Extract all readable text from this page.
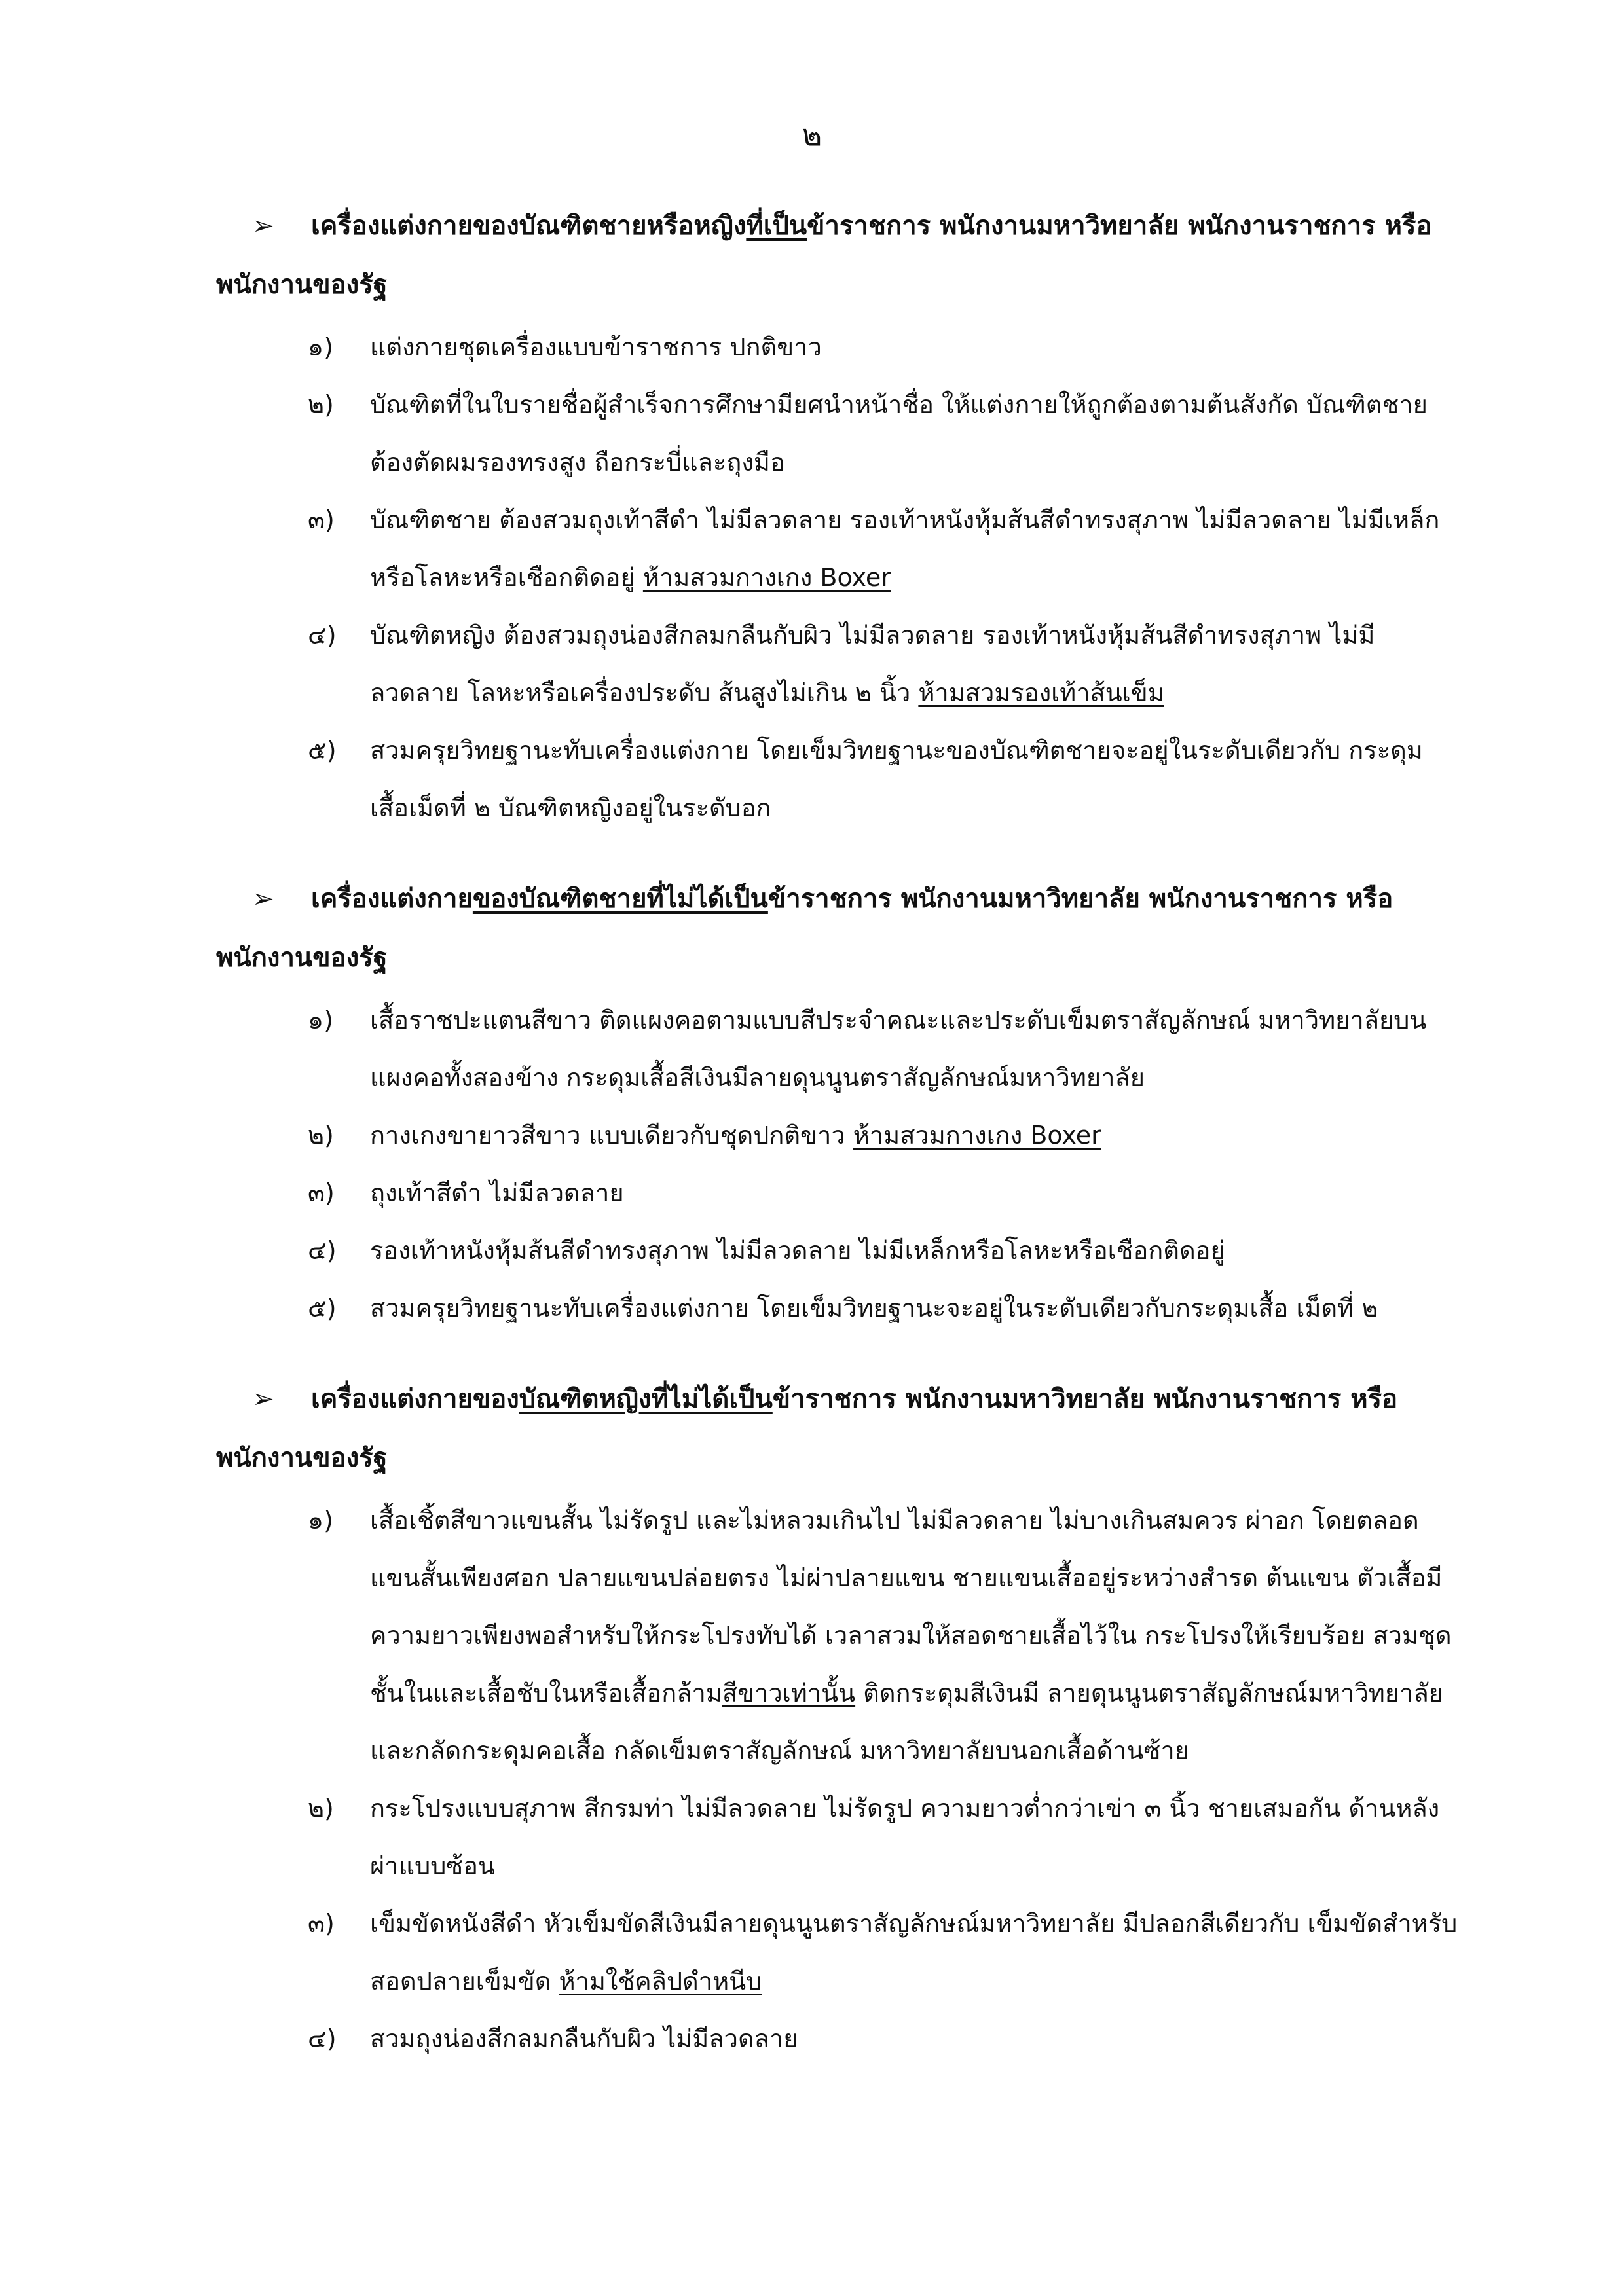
๒

➢ เครื่องแต่งกายของบัณฑิตชายหรือหญิงที่เป็นข้าราชการ พนักงานมหาวิทยาลัย พนักงานราชการ หรือพนักงานของรัฐ

๑) แต่งกายชุดเครื่องแบบข้าราชการ ปกติขาว
๒) บัณฑิตที่ในใบรายชื่อผู้สำเร็จการศึกษามียศนำหน้าชื่อ ให้แต่งกายให้ถูกต้องตามต้นสังกัด บัณฑิตชาย ต้องตัดผมรองทรงสูง ถือกระบี่และถุงมือ
๓) บัณฑิตชาย ต้องสวมถุงเท้าสีดำ ไม่มีลวดลาย รองเท้าหนังหุ้มส้นสีดำทรงสุภาพ ไม่มีลวดลาย ไม่มีเหล็กหรือโลหะหรือเชือกติดอยู่ ห้ามสวมกางเกง Boxer
๔) บัณฑิตหญิง ต้องสวมถุงน่องสีกลมกลืนกับผิว ไม่มีลวดลาย รองเท้าหนังหุ้มส้นสีดำทรงสุภาพ ไม่มีลวดลาย โลหะหรือเครื่องประดับ ส้นสูงไม่เกิน ๒ นิ้ว ห้ามสวมรองเท้าส้นเข็ม
๕) สวมครุยวิทยฐานะทับเครื่องแต่งกาย โดยเข็มวิทยฐานะของบัณฑิตชายจะอยู่ในระดับเดียวกับ กระดุมเสื้อเม็ดที่ ๒ บัณฑิตหญิงอยู่ในระดับอก

➢ เครื่องแต่งกายของบัณฑิตชายที่ไม่ได้เป็นข้าราชการ พนักงานมหาวิทยาลัย พนักงานราชการ หรือพนักงานของรัฐ

๑) เสื้อราชปะแตนสีขาว ติดแผงคอตามแบบสีประจำคณะและประดับเข็มตราสัญลักษณ์ มหาวิทยาลัยบนแผงคอทั้งสองข้าง กระดุมเสื้อสีเงินมีลายดุนนูนตราสัญลักษณ์มหาวิทยาลัย
๒) กางเกงขายาวสีขาว แบบเดียวกับชุดปกติขาว ห้ามสวมกางเกง Boxer
๓) ถุงเท้าสีดำ ไม่มีลวดลาย
๔) รองเท้าหนังหุ้มส้นสีดำทรงสุภาพ ไม่มีลวดลาย ไม่มีเหล็กหรือโลหะหรือเชือกติดอยู่
๕) สวมครุยวิทยฐานะทับเครื่องแต่งกาย โดยเข็มวิทยฐานะจะอยู่ในระดับเดียวกับกระดุมเสื้อ เม็ดที่ ๒

➢ เครื่องแต่งกายของบัณฑิตหญิงที่ไม่ได้เป็นข้าราชการ พนักงานมหาวิทยาลัย พนักงานราชการ หรือพนักงานของรัฐ

๑) เสื้อเชิ้ตสีขาวแขนสั้น ไม่รัดรูป และไม่หลวมเกินไป ไม่มีลวดลาย ไม่บางเกินสมควร ผ่าอก โดยตลอด แขนสั้นเพียงศอก ปลายแขนปล่อยตรง ไม่ผ่าปลายแขน ชายแขนเสื้ออยู่ระหว่างสำรด ต้นแขน ตัวเสื้อมีความยาวเพียงพอสำหรับให้กระโปรงทับได้ เวลาสวมให้สอดชายเสื้อไว้ใน กระโปรงให้เรียบร้อย สวมชุดชั้นในและเสื้อชับในหรือเสื้อกล้ามสีขาวเท่านั้น ติดกระดุมสีเงินมี ลายดุนนูนตราสัญลักษณ์มหาวิทยาลัยและกลัดกระดุมคอเสื้อ กลัดเข็มตราสัญลักษณ์ มหาวิทยาลัยบนอกเสื้อด้านซ้าย
๒) กระโปรงแบบสุภาพ สีกรมท่า ไม่มีลวดลาย ไม่รัดรูป ความยาวต่ำกว่าเข่า ๓ นิ้ว ชายเสมอกัน ด้านหลังผ่าแบบซ้อน
๓) เข็มขัดหนังสีดำ หัวเข็มขัดสีเงินมีลายดุนนูนตราสัญลักษณ์มหาวิทยาลัย มีปลอกสีเดียวกับ เข็มขัดสำหรับสอดปลายเข็มขัด ห้ามใช้คลิปดำหนีบ
๔) สวมถุงน่องสีกลมกลืนกับผิว ไม่มีลวดลาย
